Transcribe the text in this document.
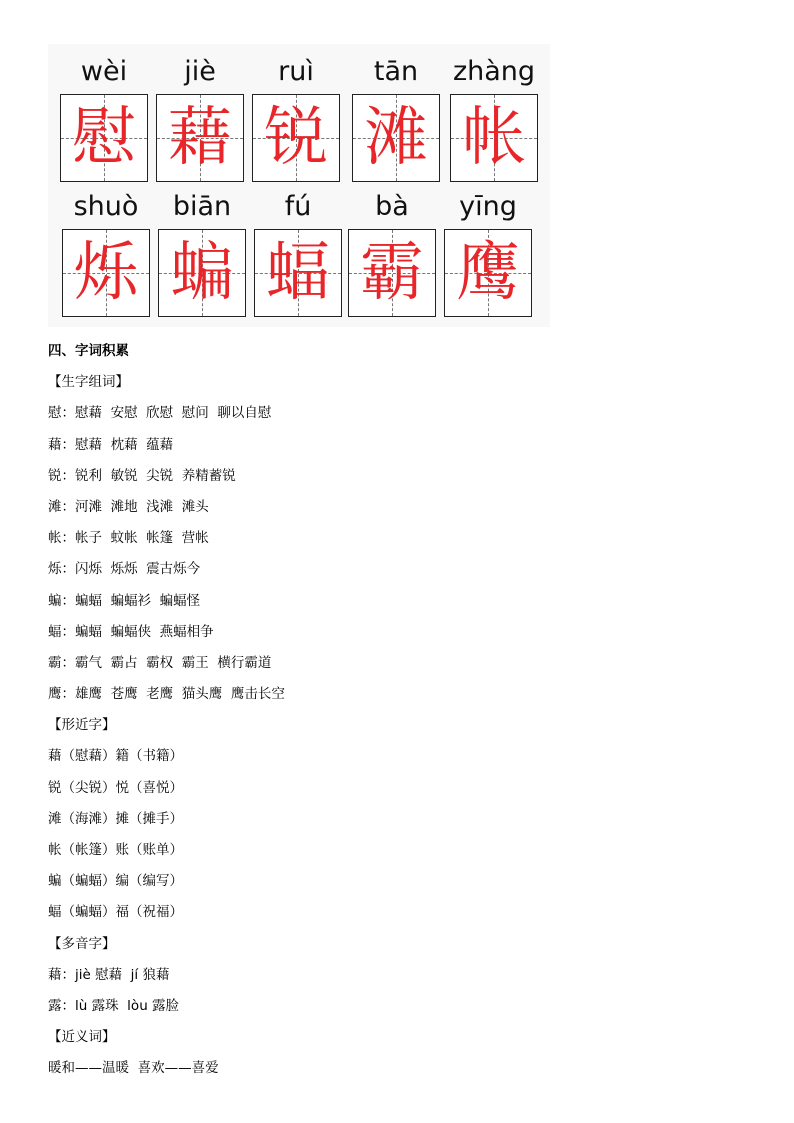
wèi
慰
jiè
藉
ruì
锐
tān
滩
zhàng
帐
shuò
烁
biān
蝙
fú
蝠
bà
霸
yīng
鹰
四、字词积累
【生字组词】
慰：慰藉  安慰  欣慰  慰问  聊以自慰
藉：慰藉  枕藉  蕴藉
锐：锐利  敏锐  尖锐  养精蓄锐
滩：河滩  滩地  浅滩  滩头
帐：帐子  蚊帐  帐篷  营帐
烁：闪烁  烁烁  震古烁今
蝙：蝙蝠  蝙蝠衫  蝙蝠怪
蝠：蝙蝠  蝙蝠侠  燕蝠相争
霸：霸气  霸占  霸权  霸王  横行霸道
鹰：雄鹰  苍鹰  老鹰  猫头鹰  鹰击长空
【形近字】
藉（慰藉）籍（书籍）
锐（尖锐）悦（喜悦）
滩（海滩）摊（摊手）
帐（帐篷）账（账单）
蝙（蝙蝠）编（编写）
蝠（蝙蝠）福（祝福）
【多音字】
藉：jiè 慰藉  jí 狼藉
露：lù 露珠  lòu 露脸
【近义词】
暖和——温暖  喜欢——喜爱
